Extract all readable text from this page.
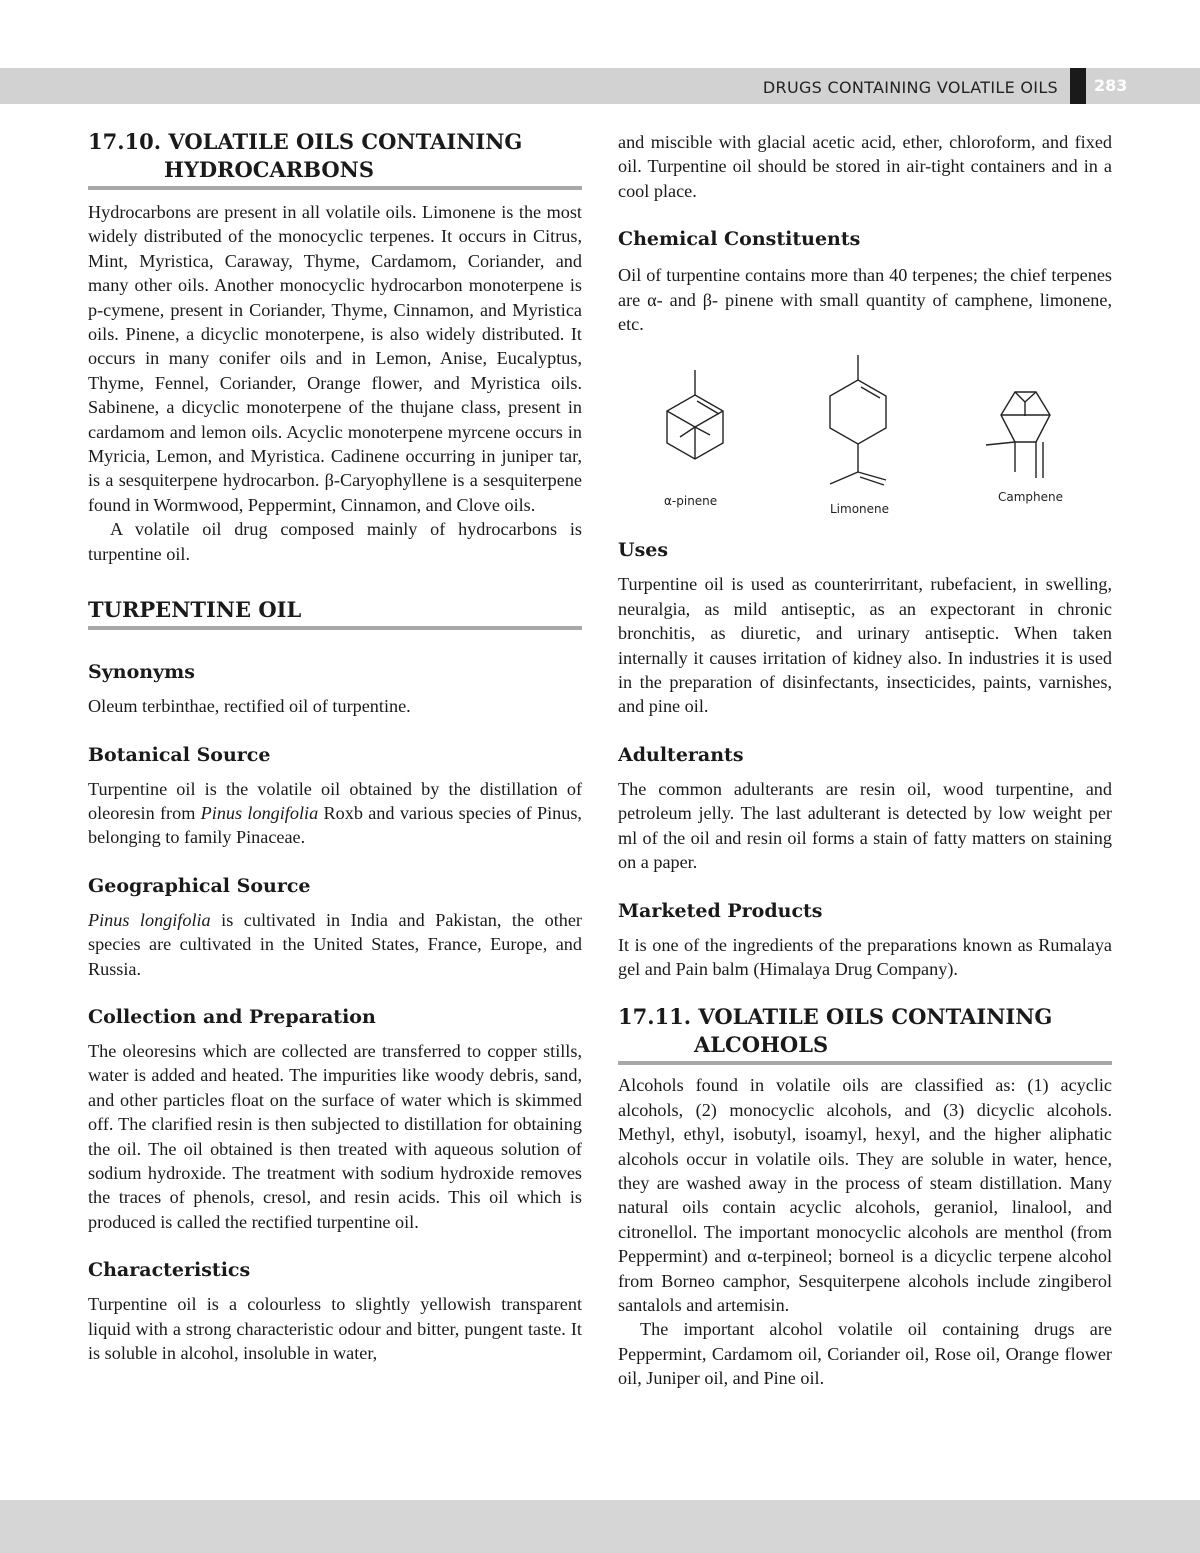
DRUGS CONTAINING VOLATILE OILS 283
17.10. VOLATILE OILS CONTAINING
HYDROCARBONS

Hydrocarbons are present in all volatile oils. Limonene is the most widely distributed of the monocyclic terpenes. It occurs in Citrus, Mint, Myristica, Caraway, Thyme, Cardamom, Coriander, and many other oils. Another monocyclic hydrocarbon monoterpene is p-cymene, present in Coriander, Thyme, Cinnamon, and Myristica oils. Pinene, a dicyclic monoterpene, is also widely distributed. It occurs in many conifer oils and in Lemon, Anise, Eucalyptus, Thyme, Fennel, Coriander, Orange flower, and Myristica oils. Sabinene, a dicyclic monoterpene of the thujane class, present in cardamom and lemon oils. Acyclic monoterpene myrcene occurs in Myricia, Lemon, and Myristica. Cadinene occurring in juniper tar, is a sesquiterpene hydrocarbon. β-Caryophyllene is a sesquiterpene found in Wormwood, Peppermint, Cinnamon, and Clove oils.

A volatile oil drug composed mainly of hydrocarbons is turpentine oil.

TURPENTINE OIL
Synonyms

Oleum terbinthae, rectified oil of turpentine.

Botanical Source

Turpentine oil is the volatile oil obtained by the distillation of oleoresin from Pinus longifolia Roxb and various species of Pinus, belonging to family Pinaceae.

Geographical Source

Pinus longifolia is cultivated in India and Pakistan, the other species are cultivated in the United States, France, Europe, and Russia.

Collection and Preparation

The oleoresins which are collected are transferred to copper stills, water is added and heated. The impurities like woody debris, sand, and other particles float on the surface of water which is skimmed off. The clarified resin is then subjected to distillation for obtaining the oil. The oil obtained is then treated with aqueous solution of sodium hydroxide. The treatment with sodium hydroxide removes the traces of phenols, cresol, and resin acids. This oil which is produced is called the rectified turpentine oil.

Characteristics

Turpentine oil is a colourless to slightly yellowish transparent liquid with a strong characteristic odour and bitter, pungent taste. It is soluble in alcohol, insoluble in water,

and miscible with glacial acetic acid, ether, chloroform, and fixed oil. Turpentine oil should be stored in air-tight containers and in a cool place.

Chemical Constituents

Oil of turpentine contains more than 40 terpenes; the chief terpenes are α- and β- pinene with small quantity of camphene, limonene, etc.

α-pinene
Limonene
Camphene
Uses

Turpentine oil is used as counterirritant, rubefacient, in swelling, neuralgia, as mild antiseptic, as an expectorant in chronic bronchitis, as diuretic, and urinary antiseptic. When taken internally it causes irritation of kidney also. In industries it is used in the preparation of disinfectants, insecticides, paints, varnishes, and pine oil.

Adulterants

The common adulterants are resin oil, wood turpentine, and petroleum jelly. The last adulterant is detected by low weight per ml of the oil and resin oil forms a stain of fatty matters on staining on a paper.

Marketed Products

It is one of the ingredients of the preparations known as Rumalaya gel and Pain balm (Himalaya Drug Company).

17.11. VOLATILE OILS CONTAINING
ALCOHOLS

Alcohols found in volatile oils are classified as: (1) acyclic alcohols, (2) monocyclic alcohols, and (3) dicyclic alcohols. Methyl, ethyl, isobutyl, isoamyl, hexyl, and the higher aliphatic alcohols occur in volatile oils. They are soluble in water, hence, they are washed away in the process of steam distillation. Many natural oils contain acyclic alcohols, geraniol, linalool, and citronellol. The important monocyclic alcohols are menthol (from Peppermint) and α-terpineol; borneol is a dicyclic terpene alcohol from Borneo camphor, Sesquiterpene alcohols include zingiberol santalols and artemisin.

The important alcohol volatile oil containing drugs are Peppermint, Cardamom oil, Coriander oil, Rose oil, Orange flower oil, Juniper oil, and Pine oil.
